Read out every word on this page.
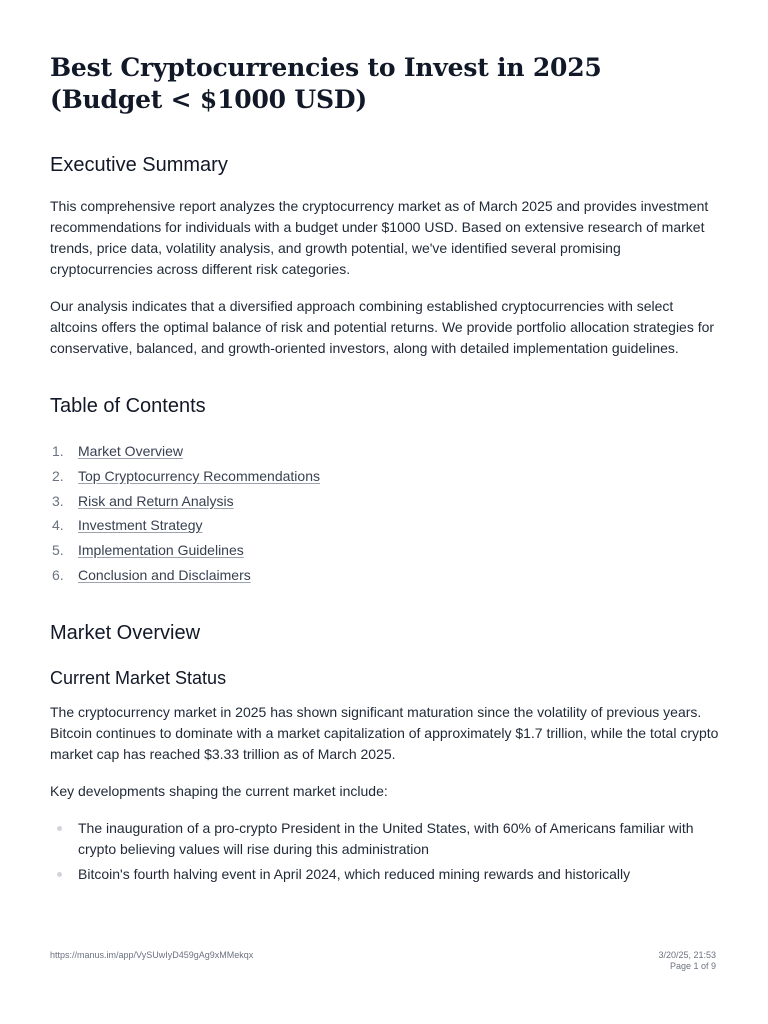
Best Cryptocurrencies to Invest in 2025 (Budget < $1000 USD)
Executive Summary

This comprehensive report analyzes the cryptocurrency market as of March 2025 and provides investment recommendations for individuals with a budget under $1000 USD. Based on extensive research of market trends, price data, volatility analysis, and growth potential, we've identified several promising cryptocurrencies across different risk categories.

Our analysis indicates that a diversified approach combining established cryptocurrencies with select altcoins offers the optimal balance of risk and potential returns. We provide portfolio allocation strategies for conservative, balanced, and growth-oriented investors, along with detailed implementation guidelines.

Table of Contents
1. Market Overview
2. Top Cryptocurrency Recommendations
3. Risk and Return Analysis
4. Investment Strategy
5. Implementation Guidelines
6. Conclusion and Disclaimers
Market Overview
Current Market Status

The cryptocurrency market in 2025 has shown significant maturation since the volatility of previous years. Bitcoin continues to dominate with a market capitalization of approximately $1.7 trillion, while the total crypto market cap has reached $3.33 trillion as of March 2025.

Key developments shaping the current market include:

The inauguration of a pro-crypto President in the United States, with 60% of Americans familiar with crypto believing values will rise during this administration
Bitcoin's fourth halving event in April 2024, which reduced mining rewards and historically
https://manus.im/app/VySUwIyD459gAg9xMMekqx	3/20/25, 21:53
Page 1 of 9
